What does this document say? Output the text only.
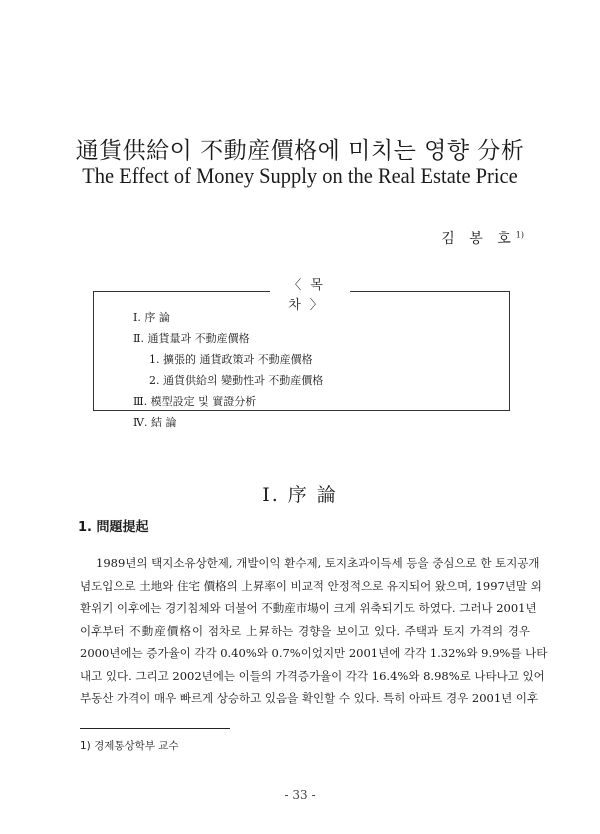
通貨供給이 不動産價格에 미치는 영향 分析
The Effect of Money Supply on the Real Estate Price
김 봉 호$^{1)}$
〈목 차〉
Ⅰ. 序 論
Ⅱ. 通貨量과 不動産價格
1. 擴張的 通貨政策과 不動産價格
2. 通貨供給의 變動性과 不動産價格
Ⅲ. 模型設定 및 實證分析
Ⅳ. 結 論
Ⅰ. 序 論
1. 問題提起
1989년의 택지소유상한제, 개발이익 환수제, 토지초과이득세 등을 중심으로 한 토지공개
념도입으로 土地와 住宅 價格의 上昇率이 비교적 안정적으로 유지되어 왔으며, 1997년말 외
환위기 이후에는 경기침체와 더불어 不動産市場이 크게 위축되기도 하였다. 그러나 2001년
이후부터 不動産價格이 점차로 上昇하는 경향을 보이고 있다. 주택과 토지 가격의 경우
2000년에는 증가율이 각각 0.40%와 0.7%이었지만 2001년에 각각 1.32%와 9.9%를 나타
내고 있다. 그리고 2002년에는 이들의 가격증가율이 각각 16.4%와 8.98%로 나타나고 있어
부동산 가격이 매우 빠르게 상승하고 있음을 확인할 수 있다. 특히 아파트 경우 2001년 이후
1) 경제통상학부 교수
- 33 -
